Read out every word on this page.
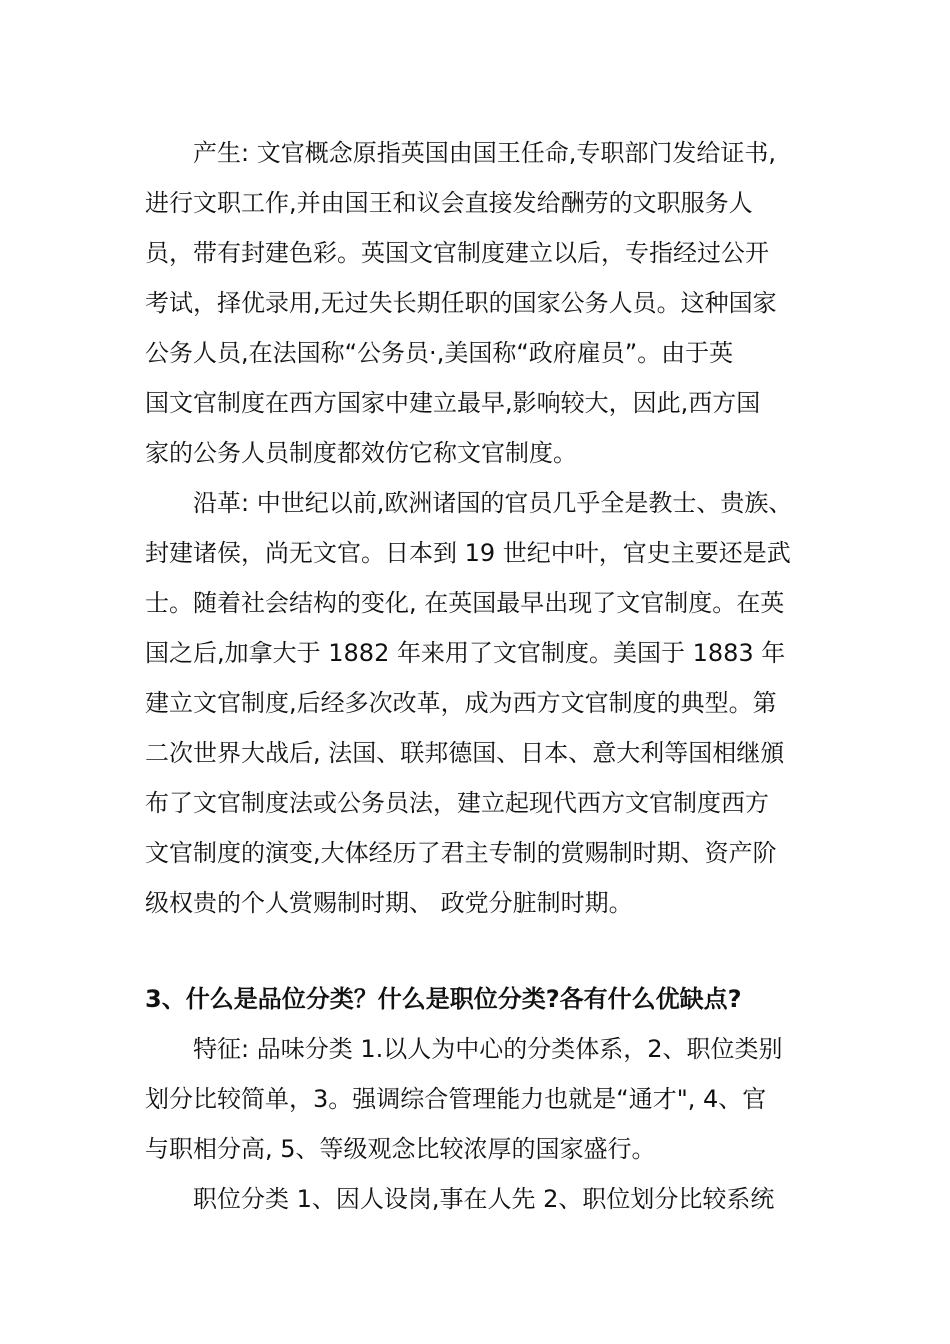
产生: 文官概念原指英国由国王任命,专职部门发给证书,
进行文职工作,并由国王和议会直接发给酬劳的文职服务人
员，带有封建色彩。英国文官制度建立以后，专指经过公开
考试，择优录用,无过失长期任职的国家公务人员。这种国家
公务人员,在法国称“公务员·,美国称“政府雇员”。由于英
国文官制度在西方国家中建立最早,影响较大，因此,西方国
家的公务人员制度都效仿它称文官制度。
沿革: 中世纪以前,欧洲诸国的官员几乎全是教士、贵族、
封建诸侯，尚无文官。日本到 19 世纪中叶，官史主要还是武
士。随着社会结构的变化, 在英国最早出现了文官制度。在英
国之后,加拿大于 1882 年来用了文官制度。美国于 1883 年
建立文官制度,后经多次改革，成为西方文官制度的典型。第
二次世界大战后, 法国、联邦德国、日本、意大利等国相继頒
布了文官制度法或公务员法，建立起现代西方文官制度西方
文官制度的演变,大体经历了君主专制的赏赐制时期、资产阶
级权贵的个人赏赐制时期、 政党分脏制时期。
3、什么是品位分类？什么是职位分类?各有什么优缺点?
特征: 品味分类 1.以人为中心的分类体系，2、职位类别
划分比较简单，3。强调综合管理能力也就是“通才", 4、官
与职相分高, 5、等级观念比较浓厚的国家盛行。
职位分类 1、因人设岗,事在人先 2、职位划分比较系统
